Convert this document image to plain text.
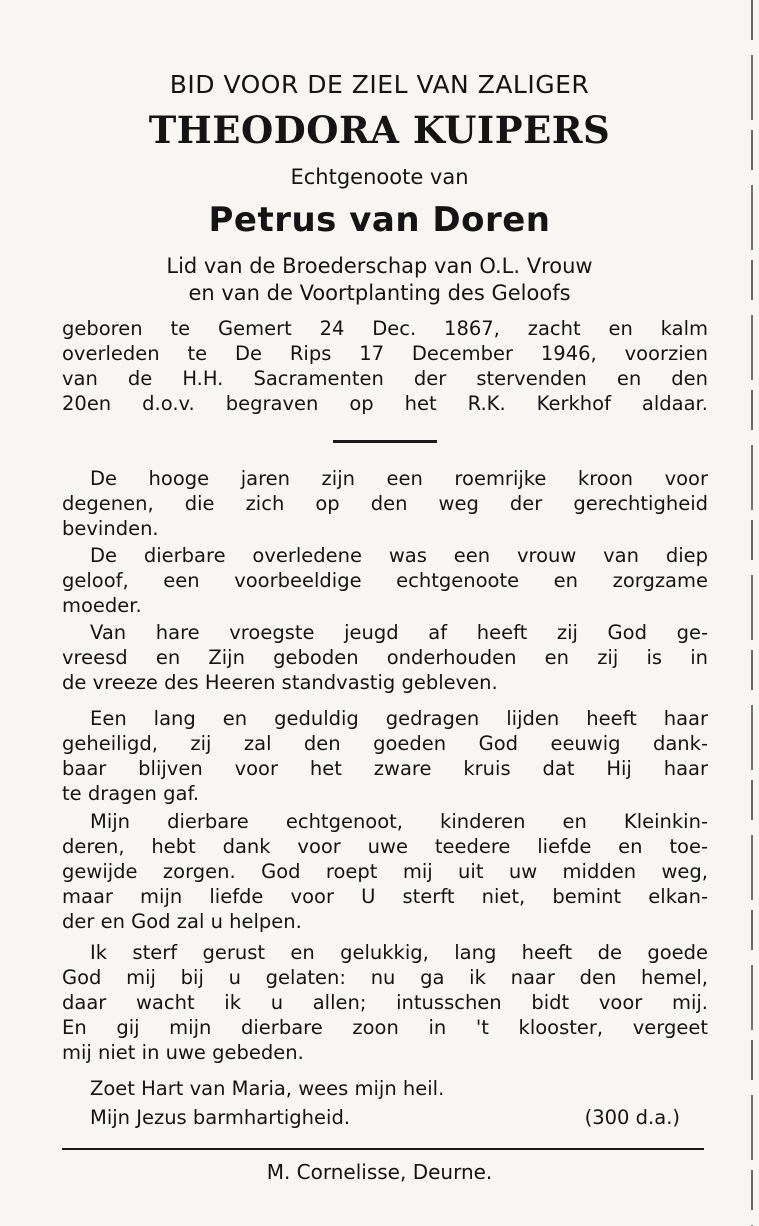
BID VOOR DE ZIEL VAN ZALIGER
THEODORA KUIPERS
Echtgenoote van
Petrus van Doren
Lid van de Broederschap van O.L. Vrouw
en van de Voortplanting des Geloofs
geboren te Gemert 24 Dec. 1867, zacht en kalm
overleden te De Rips 17 December 1946, voorzien
van de H.H. Sacramenten der stervenden en den
20en d.o.v. begraven op het R.K. Kerkhof aldaar.
De hooge jaren zijn een roemrijke kroon voor
degenen, die zich op den weg der gerechtigheid
bevinden.
De dierbare overledene was een vrouw van diep
geloof, een voorbeeldige echtgenoote en zorgzame
moeder.
Van hare vroegste jeugd af heeft zij God ge-
vreesd en Zijn geboden onderhouden en zij is in
de vreeze des Heeren standvastig gebleven.
Een lang en geduldig gedragen lijden heeft haar
geheiligd, zij zal den goeden God eeuwig dank-
baar blijven voor het zware kruis dat Hij haar
te dragen gaf.
Mijn dierbare echtgenoot, kinderen en Kleinkin-
deren, hebt dank voor uwe teedere liefde en toe-
gewijde zorgen. God roept mij uit uw midden weg,
maar mijn liefde voor U sterft niet, bemint elkan-
der en God zal u helpen.
Ik sterf gerust en gelukkig, lang heeft de goede
God mij bij u gelaten: nu ga ik naar den hemel,
daar wacht ik u allen; intusschen bidt voor mij.
En gij mijn dierbare zoon in 't klooster, vergeet
mij niet in uwe gebeden.
Zoet Hart van Maria, wees mijn heil.
Mijn Jezus barmhartigheid.	(300 d.a.)
M. Cornelisse, Deurne.
